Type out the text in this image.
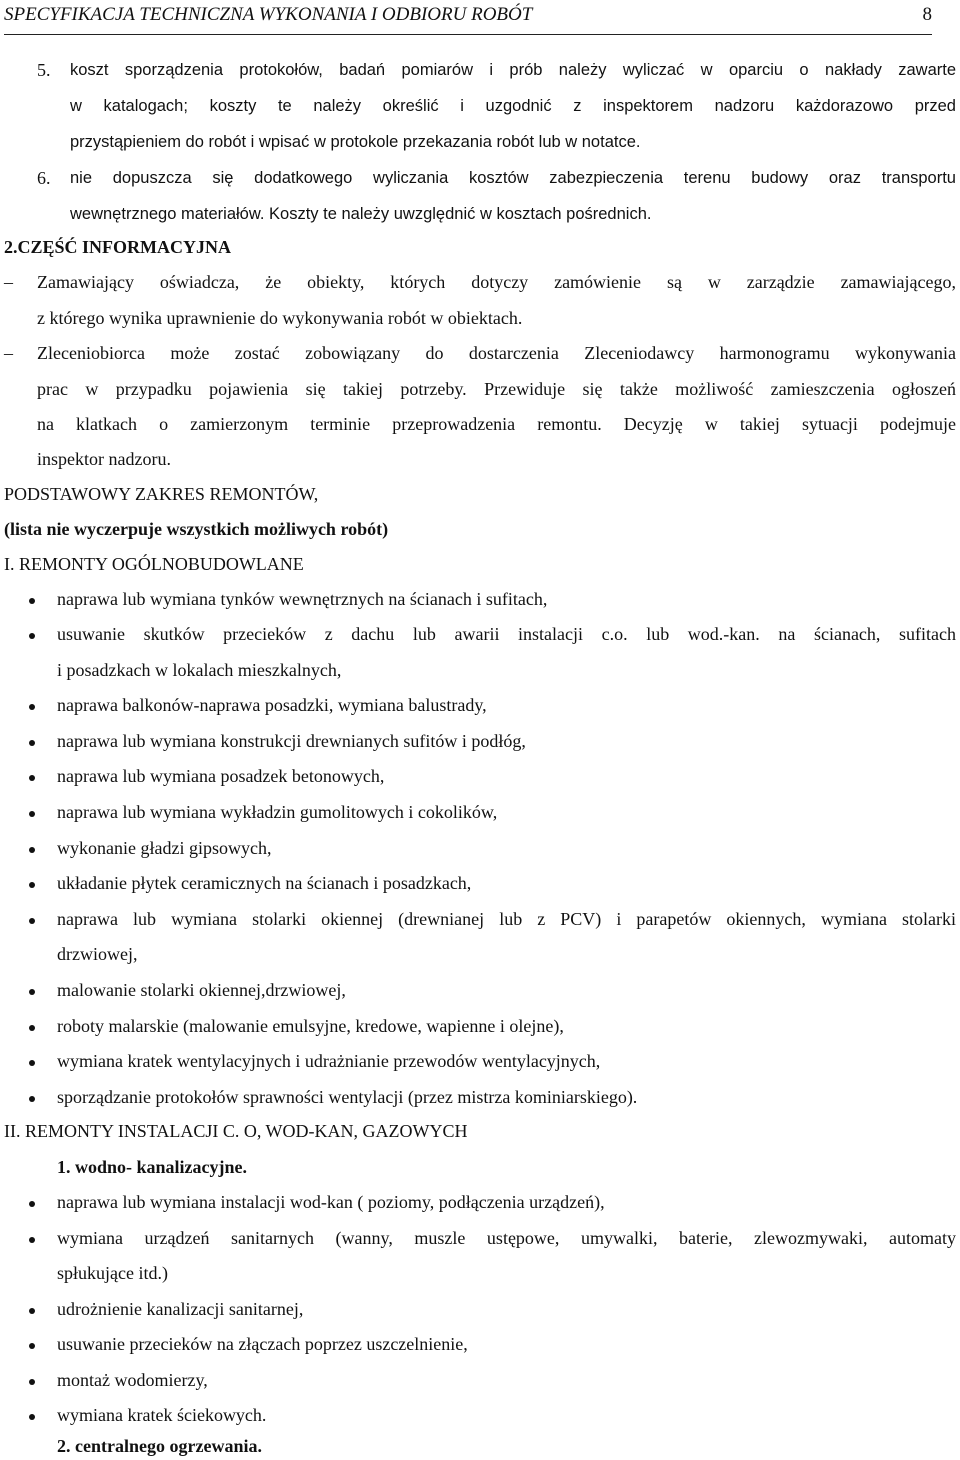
SPECYFIKACJA TECHNICZNA WYKONANIA I ODBIORU ROBÓT	8
5. koszt sporządzenia protokołów, badań pomiarów i prób należy wyliczać w oparciu o nakłady zawarte
w katalogach; koszty te należy określić i uzgodnić z inspektorem nadzoru każdorazowo przed
przystąpieniem do robót i wpisać w protokole przekazania robót lub w notatce.
6. nie dopuszcza się dodatkowego wyliczania kosztów zabezpieczenia terenu budowy oraz transportu
wewnętrznego materiałów. Koszty te należy uwzględnić w kosztach pośrednich.
2.CZĘŚĆ INFORMACYJNA
– Zamawiający oświadcza, że obiekty, których dotyczy zamówienie są w zarządzie zamawiającego,
z którego wynika uprawnienie do wykonywania robót w obiektach.
– Zleceniobiorca może zostać zobowiązany do dostarczenia Zleceniodawcy harmonogramu wykonywania
prac w przypadku pojawienia się takiej potrzeby. Przewiduje się także możliwość zamieszczenia ogłoszeń
na klatkach o zamierzonym terminie przeprowadzenia remontu. Decyzję w takiej sytuacji podejmuje
inspektor nadzoru.
PODSTAWOWY ZAKRES REMONTÓW,
(lista nie wyczerpuje wszystkich możliwych robót)
I. REMONTY OGÓLNOBUDOWLANE
naprawa lub wymiana tynków wewnętrznych na ścianach i sufitach,
usuwanie skutków przecieków z dachu lub awarii instalacji c.o. lub wod.-kan. na ścianach, sufitach
i posadzkach w lokalach mieszkalnych,
naprawa balkonów-naprawa posadzki, wymiana balustrady,
naprawa lub wymiana konstrukcji drewnianych sufitów i podłóg,
naprawa lub wymiana posadzek betonowych,
naprawa lub wymiana wykładzin gumolitowych i cokolików,
wykonanie gładzi gipsowych,
układanie płytek ceramicznych na ścianach i posadzkach,
naprawa lub wymiana stolarki okiennej (drewnianej lub z PCV) i parapetów okiennych, wymiana stolarki
drzwiowej,
malowanie stolarki okiennej,drzwiowej,
roboty malarskie (malowanie emulsyjne, kredowe, wapienne i olejne),
wymiana kratek wentylacyjnych i udrażnianie przewodów wentylacyjnych,
sporządzanie protokołów sprawności wentylacji (przez mistrza kominiarskiego).
II. REMONTY INSTALACJI C. O, WOD-KAN, GAZOWYCH
1. wodno- kanalizacyjne.
naprawa lub wymiana instalacji wod-kan ( poziomy, podłączenia urządzeń),
wymiana urządzeń sanitarnych (wanny, muszle ustępowe, umywalki, baterie, zlewozmywaki, automaty
spłukujące itd.)
udrożnienie kanalizacji sanitarnej,
usuwanie przecieków na złączach poprzez uszczelnienie,
montaż wodomierzy,
wymiana kratek ściekowych.
2. centralnego ogrzewania.
